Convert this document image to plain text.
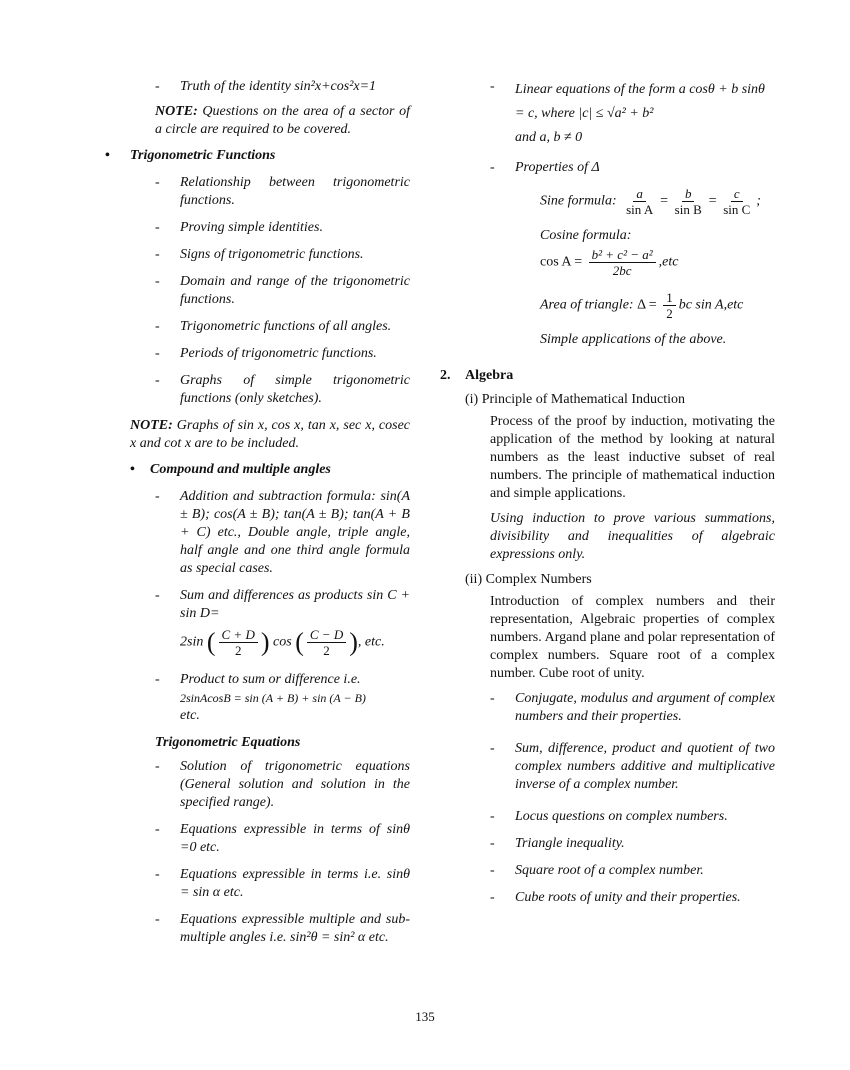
-	Truth of the identity sin²x+cos²x=1
NOTE: Questions on the area of a sector of a circle are required to be covered.
•	Trigonometric Functions
-	Relationship between trigonometric functions.
-	Proving simple identities.
-	Signs of trigonometric functions.
-	Domain and range of the trigonometric functions.
-	Trigonometric functions of all angles.
-	Periods of trigonometric functions.
-	Graphs of simple trigonometric functions (only sketches).
NOTE: Graphs of sin x, cos x, tan x, sec x, cosec x and cot x are to be included.
•	Compound and multiple angles
-	Addition and subtraction formula: sin(A ± B); cos(A ± B); tan(A ± B); tan(A + B + C) etc., Double angle, triple angle, half angle and one third angle formula as special cases.
-	Sum and differences as products sin C + sin D=
2sin ( $\frac{C + D}{2}$ ) cos ( $\frac{C - D}{2}$ ), etc.
-	Product to sum or difference i.e.
2sinAcosB = sin (A + B) + sin (A − B)
etc.
Trigonometric Equations
-	Solution of trigonometric equations (General solution and solution in the specified range).
-	Equations expressible in terms of sinθ =0 etc.
-	Equations expressible in terms i.e. sinθ = sin α etc.
-	Equations expressible multiple and sub- multiple angles i.e. sin²θ = sin² α etc.
-	Linear equations of the form a cosθ + b sinθ = c, where |c| ≤ √a² + b²
and a, b ≠ 0
-	Properties of Δ
Sine formula: $\frac{a}{\text{sin A}} = \frac{b}{\text{sin B}} = \frac{c}{\text{sin C}}$ ;
Cosine formula:
$\cos A = \frac{\text{b² + c² − a²}}{2bc} ,etc$
Area of triangle: $\Delta = \frac{1}{2}$ bc sin A,etc
Simple applications of the above.
2.	Algebra
(i) Principle of Mathematical Induction
Process of the proof by induction, motivating the application of the method by looking at natural numbers as the least inductive subset of real numbers. The principle of mathematical induction and simple applications.
Using induction to prove various summations, divisibility and inequalities of algebraic expressions only.
(ii) Complex Numbers
Introduction of complex numbers and their representation, Algebraic properties of complex numbers. Argand plane and polar representation of complex numbers. Square root of a complex number. Cube root of unity.
-	Conjugate, modulus and argument of complex numbers and their properties.
-	Sum, difference, product and quotient of two complex numbers additive and multiplicative inverse of a complex number.
-	Locus questions on complex numbers.
-	Triangle inequality.
-	Square root of a complex number.
-	Cube roots of unity and their properties.
135
